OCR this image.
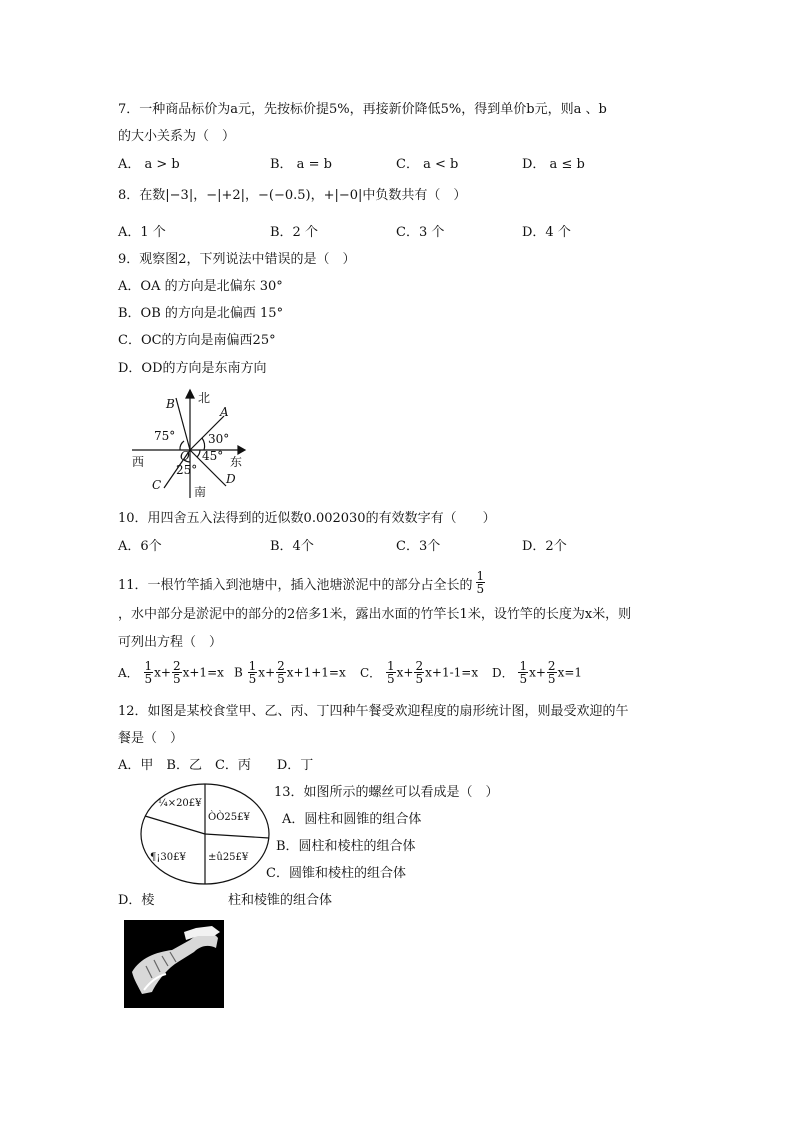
7．一种商品标价为a元，先按标价提5%，再接新价降低5%，得到单价b元，则a 、b
的大小关系为（　）
A． a > b	B． a = b	C． a < b	D． a ≤ b
8．在数|−3|，−|+2|，−(−0.5)，+|−0|中负数共有（　）
A．1 个	B．2 个	C．3 个	D．4 个
9．观察图2，下列说法中错误的是（　）
A．OA 的方向是北偏东 30°
B．OB 的方向是北偏西 15°
C．OC的方向是南偏西25°
D．OD的方向是东南方向
北
A
B
75°	30°
西	O 45° 东
25°
D
C	南
10．用四舍五入法得到的近似数0.002030的有效数字有（　　）
A．6个	B．4个	C．3个	D．2个
11．一根竹竿插入到池塘中，插入池塘淤泥中的部分占全长的 $\frac{1}{5}$
，水中部分是淤泥中的部分的2倍多1米，露出水面的竹竿长1米，设竹竿的长度为x米，则
可列出方程（　）
A． $\frac{1}{5} x+ \frac{2}{5} x+1=x$ B $\frac{1}{5} x+ \frac{2}{5} x+1+1=x$ C． $\frac{1}{5} x+ \frac{2}{5} x+1-1=x$ D． $\frac{1}{5} x+ \frac{2}{5} x=1$
12．如图是某校食堂甲、乙、丙、丁四种午餐受欢迎程度的扇形统计图，则最受欢迎的午
餐是（　）
A．甲　B．乙　C．丙　　D．丁
¼×20£¥
ÒÒ25£¥
¶¡30£¥ ±û25£¥
13．如图所示的螺丝可以看成是（　）
A．圆柱和圆锥的组合体
B．圆柱和棱柱的组合体
C．圆锥和棱柱的组合体
D．棱	柱和棱锥的组合体
